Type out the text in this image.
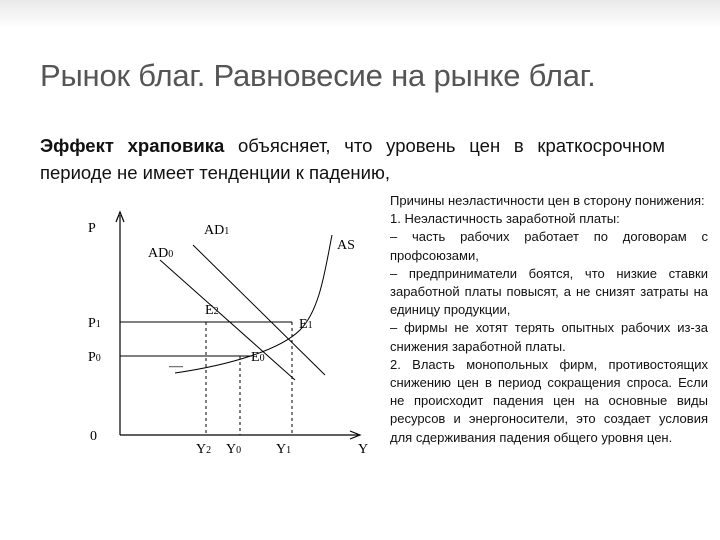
Рынок благ. Равновесие на рынке благ.
Эффект храповика объясняет, что уровень цен в краткосрочном периоде не имеет тенденции к падению,

Причины неэластичности цен в сторону понижения:

1. Неэластичность заработной платы:

– часть рабочих работает по договорам с профсоюзами,

– предприниматели боятся, что низкие ставки заработной платы повысят, а не снизят затраты на единицу продукции,

– фирмы не хотят терять опытных рабочих из-за снижения заработной платы.

2. Власть монопольных фирм, противостоящих снижению цен в период сокращения спроса. Если не происходит падения цен на основные виды ресурсов и энергоносители, это создает условия для сдерживания падения общего уровня цен.

AD0
AD1
AS
E2
E1
E0
P
Y
0
P1
P0
Y2 Y0 Y1
—
